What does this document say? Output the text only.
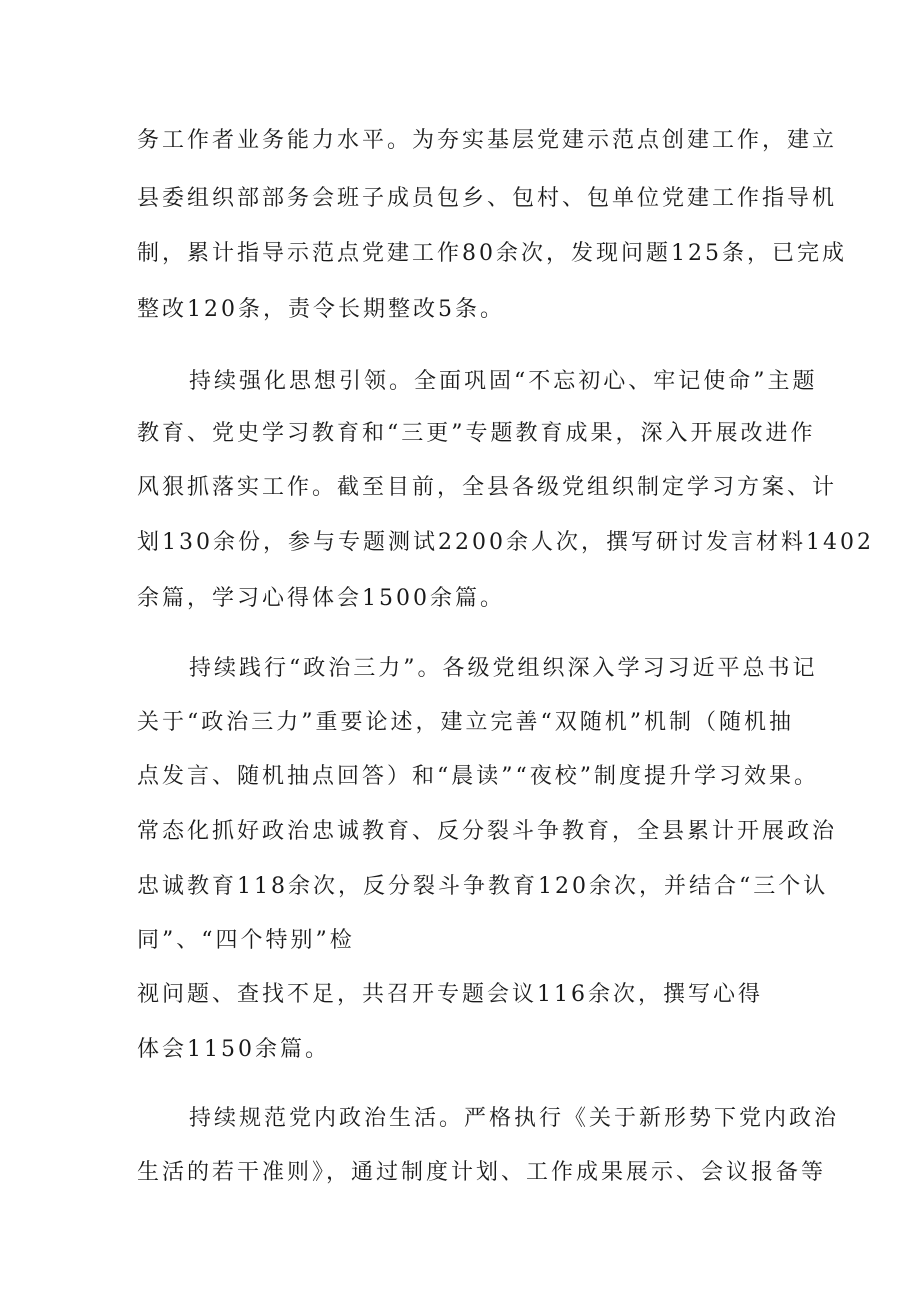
务工作者业务能力水平。为夯实基层党建示范点创建工作，建立

县委组织部部务会班子成员包乡、包村、包单位党建工作指导机

制，累计指导示范点党建工作80余次，发现问题125条，已完成

整改120条，责令长期整改5条。

持续强化思想引领。全面巩固“不忘初心、牢记使命”主题

教育、党史学习教育和“三更”专题教育成果，深入开展改进作

风狠抓落实工作。截至目前，全县各级党组织制定学习方案、计

划130余份，参与专题测试2200余人次，撰写研讨发言材料1402

余篇，学习心得体会1500余篇。

持续践行“政治三力”。各级党组织深入学习习近平总书记

关于“政治三力”重要论述，建立完善“双随机”机制（随机抽

点发言、随机抽点回答）和“晨读”“夜校”制度提升学习效果。

常态化抓好政治忠诚教育、反分裂斗争教育，全县累计开展政治

忠诚教育118余次，反分裂斗争教育120余次，并结合“三个认

同”、“四个特别”检

视问题、查找不足，共召开专题会议116余次，撰写心得

体会1150余篇。

持续规范党内政治生活。严格执行《关于新形势下党内政治

生活的若干准则》，通过制度计划、工作成果展示、会议报备等
